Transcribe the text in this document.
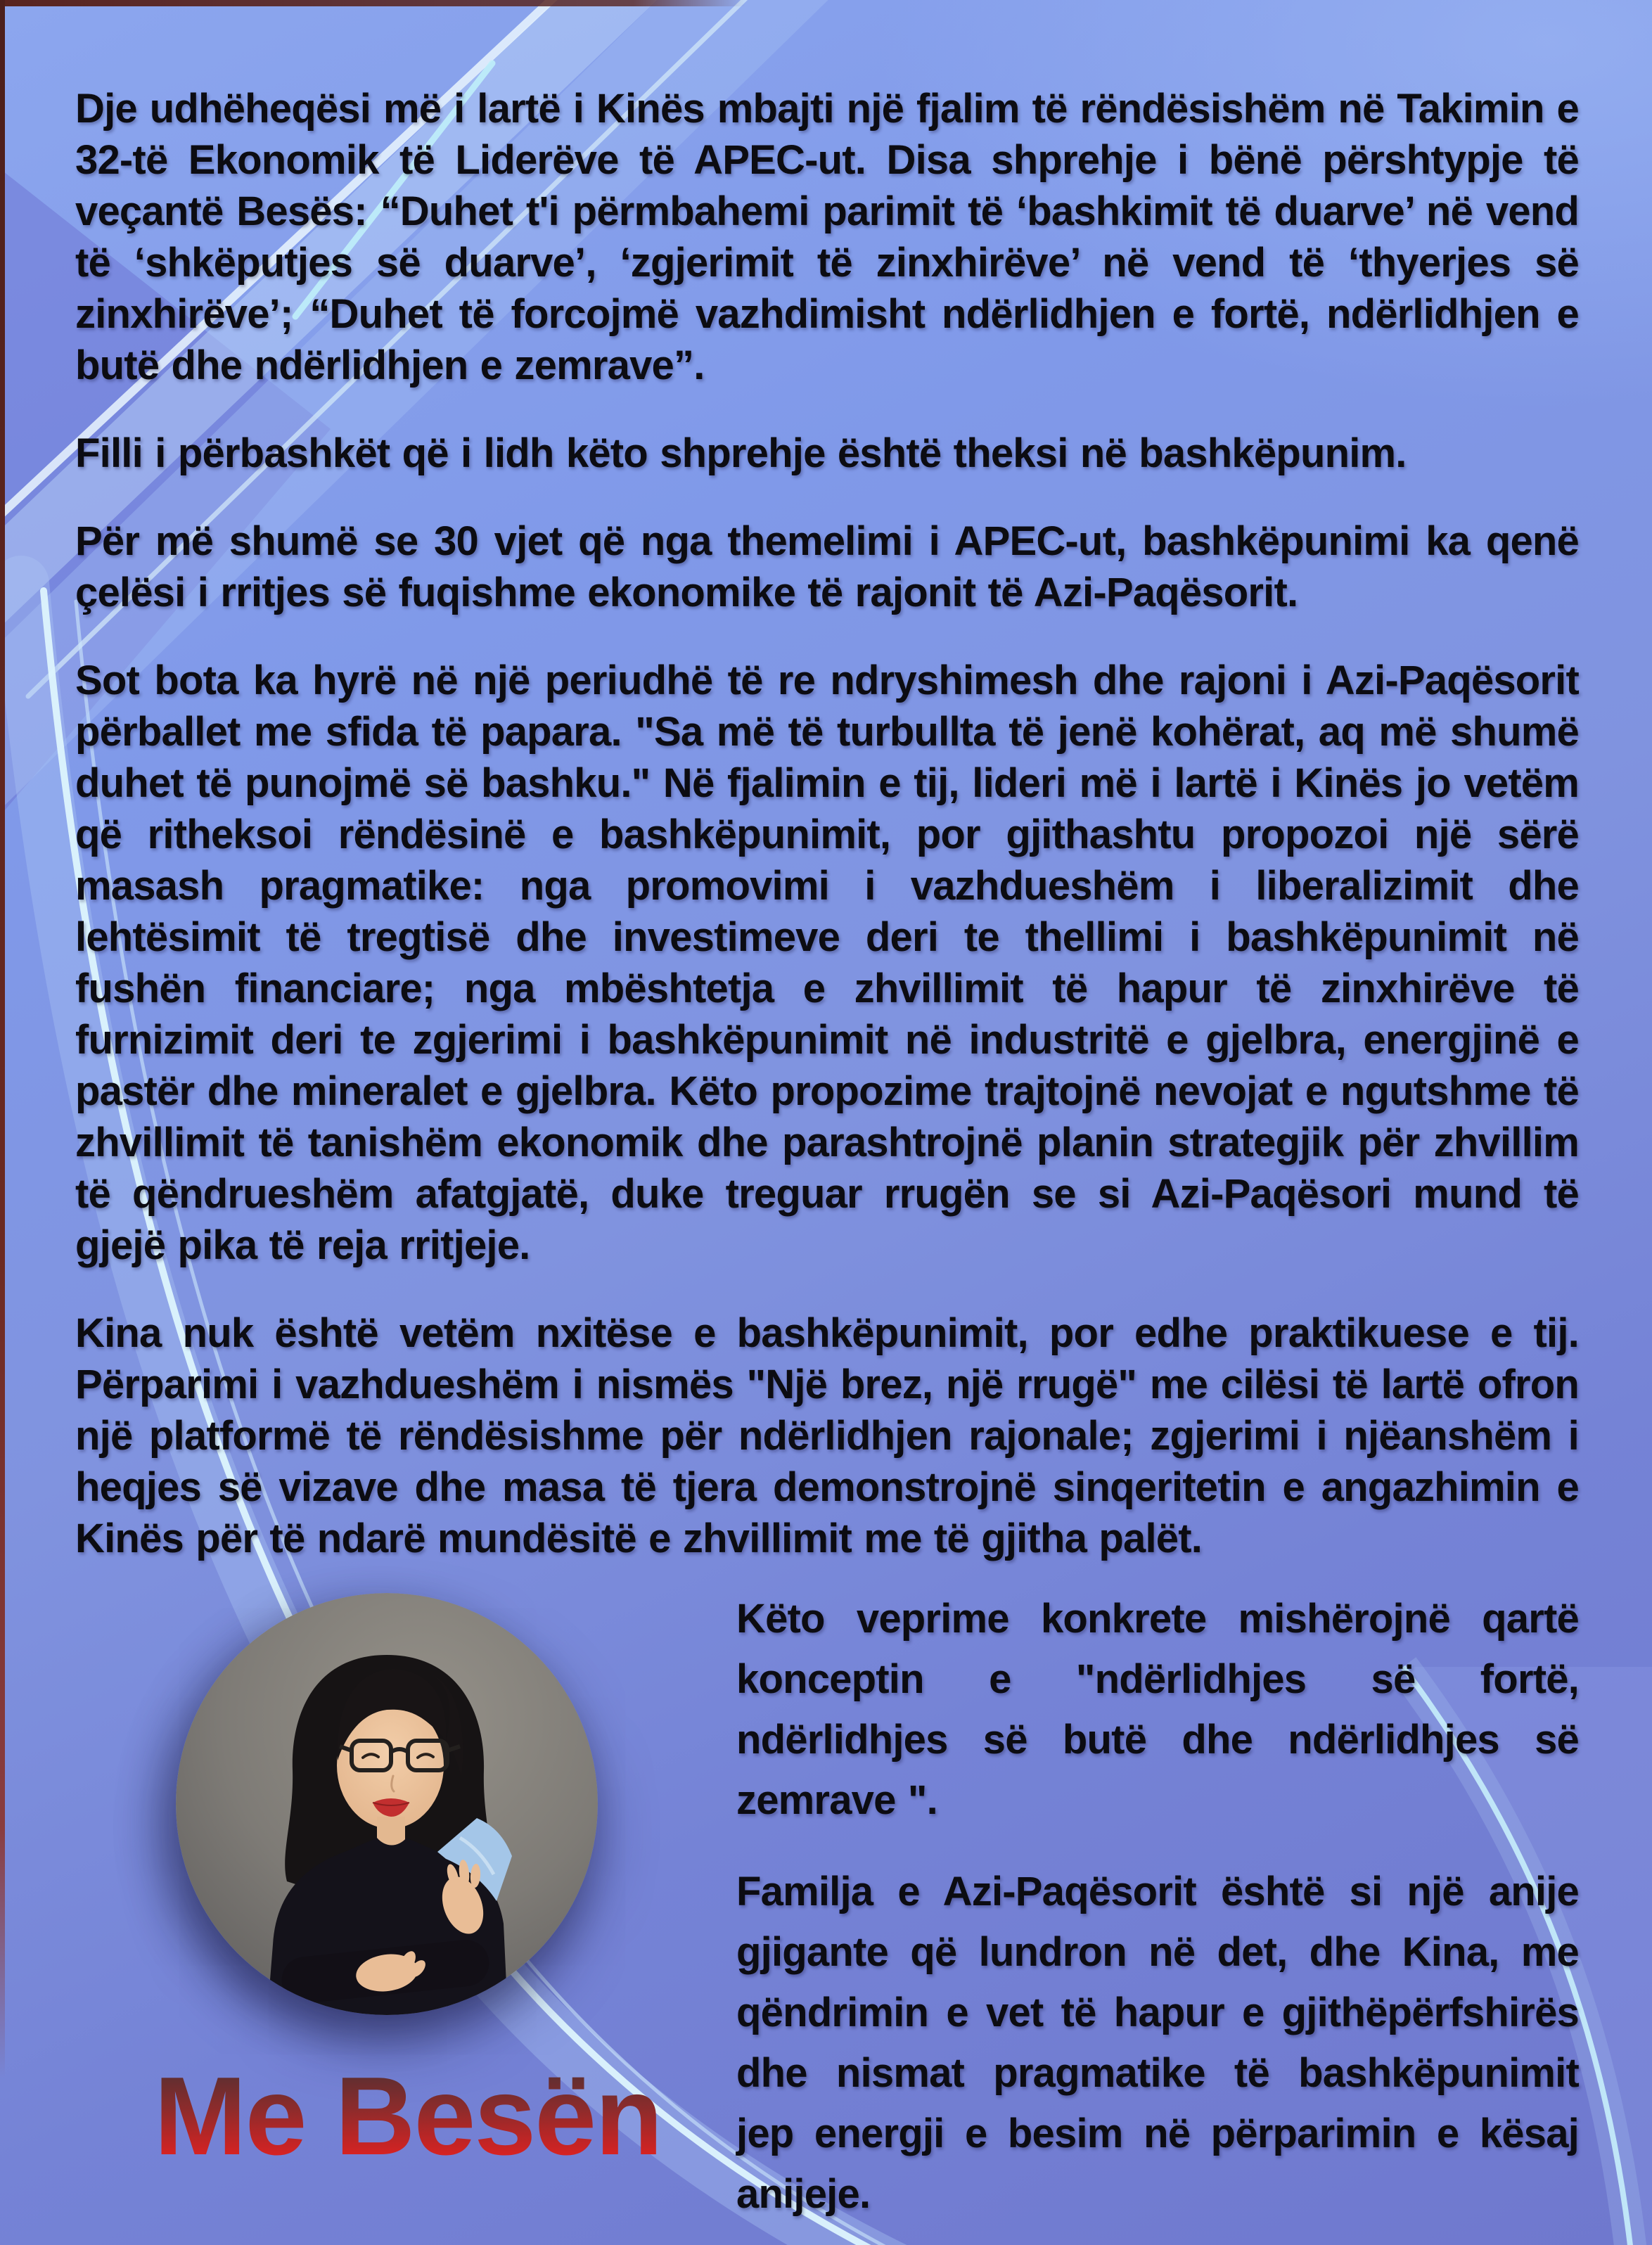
Dje udhëheqësi më i lartë i Kinës mbajti një fjalim të rëndësishëm në Takimin e 32-të Ekonomik të Liderëve të APEC-ut. Disa shprehje i bënë përshtypje të veçantë Besës: “Duhet t'i përmbahemi parimit të ‘bashkimit të duarve’ në vend të ‘shkëputjes së duarve’, ‘zgjerimit të zinxhirëve’ në vend të ‘thyerjes së zinxhirëve’; “Duhet të forcojmë vazhdimisht ndërlidhjen e fortë, ndërlidhjen e butë dhe ndërlidhjen e zemrave”.

Filli i përbashkët që i lidh këto shprehje është theksi në bashkëpunim.

Për më shumë se 30 vjet që nga themelimi i APEC-ut, bashkëpunimi ka qenë çelësi i rritjes së fuqishme ekonomike të rajonit të Azi-Paqësorit.

Sot bota ka hyrë në një periudhë të re ndryshimesh dhe rajoni i Azi-Paqësorit përballet me sfida të papara. "Sa më të turbullta të jenë kohërat, aq më shumë duhet të punojmë së bashku." Në fjalimin e tij, lideri më i lartë i Kinës jo vetëm që ritheksoi rëndësinë e bashkëpunimit, por gjithashtu propozoi një sërë masash pragmatike: nga promovimi i vazhdueshëm i liberalizimit dhe lehtësimit të tregtisë dhe investimeve deri te thellimi i bashkëpunimit në fushën financiare; nga mbështetja e zhvillimit të hapur të zinxhirëve të furnizimit deri te zgjerimi i bashkëpunimit në industritë e gjelbra, energjinë e pastër dhe mineralet e gjelbra. Këto propozime trajtojnë nevojat e ngutshme të zhvillimit të tanishëm ekonomik dhe parashtrojnë planin strategjik për zhvillim të qëndrueshëm afatgjatë, duke treguar rrugën se si Azi-Paqësori mund të gjejë pika të reja rritjeje.

Kina nuk është vetëm nxitëse e bashkëpunimit, por edhe praktikuese e tij. Përparimi i vazhdueshëm i nismës "Një brez, një rrugë" me cilësi të lartë ofron një platformë të rëndësishme për ndërlidhjen rajonale; zgjerimi i njëanshëm i heqjes së vizave dhe masa të tjera demonstrojnë sinqeritetin e angazhimin e Kinës për të ndarë mundësitë e zhvillimit me të gjitha palët.

Me Besën

Këto veprime konkrete mishërojnë qartë konceptin e "ndërlidhjes së fortë, ndërlidhjes së butë dhe ndërlidhjes së zemrave ".

Familja e Azi-Paqësorit është si një anije gjigante që lundron në det, dhe Kina, me qëndrimin e vet të hapur e gjithëpërfshirës dhe nismat pragmatike të bashkëpunimit jep energji e besim në përparimin e kësaj anijeje.
